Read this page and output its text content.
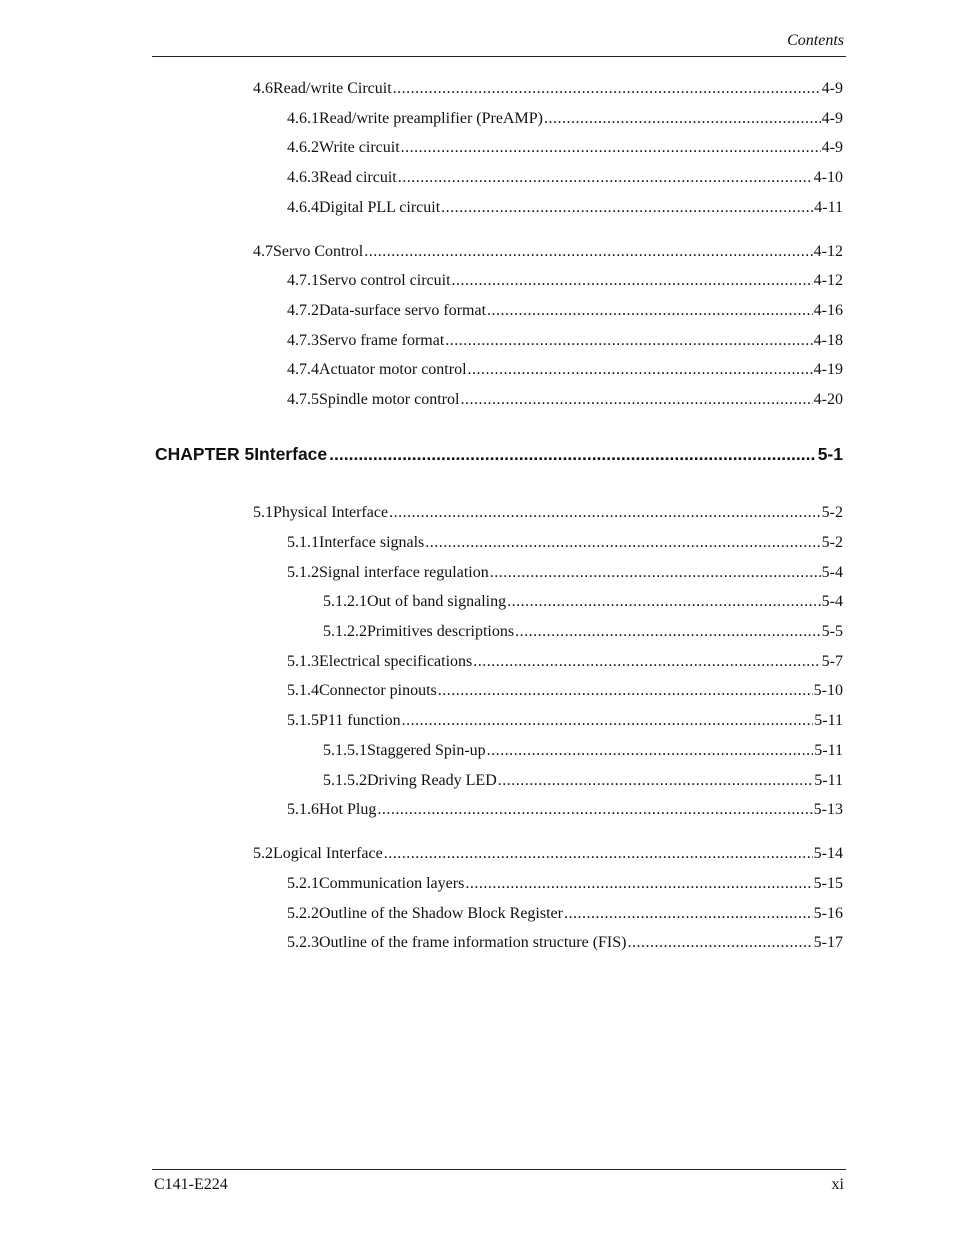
Contents
4.6 Read/write Circuit .....	4-9
4.6.1 Read/write preamplifier (PreAMP) .....	4-9
4.6.2 Write circuit .....	4-9
4.6.3 Read circuit .....	4-10
4.6.4 Digital PLL circuit .....	4-11
4.7 Servo Control .....	4-12
4.7.1 Servo control circuit .....	4-12
4.7.2 Data-surface servo format .....	4-16
4.7.3 Servo frame format .....	4-18
4.7.4 Actuator motor control .....	4-19
4.7.5 Spindle motor control .....	4-20
CHAPTER 5 Interface .....	5-1
5.1 Physical Interface .....	5-2
5.1.1 Interface signals .....	5-2
5.1.2 Signal interface regulation .....	5-4
5.1.2.1 Out of band signaling .....	5-4
5.1.2.2 Primitives descriptions .....	5-5
5.1.3 Electrical specifications .....	5-7
5.1.4 Connector pinouts .....	5-10
5.1.5 P11 function .....	5-11
5.1.5.1 Staggered Spin-up .....	5-11
5.1.5.2 Driving Ready LED .....	5-11
5.1.6 Hot Plug .....	5-13
5.2 Logical Interface .....	5-14
5.2.1 Communication layers .....	5-15
5.2.2 Outline of the Shadow Block Register .....	5-16
5.2.3 Outline of the frame information structure (FIS) .....	5-17
C141-E224	xi
